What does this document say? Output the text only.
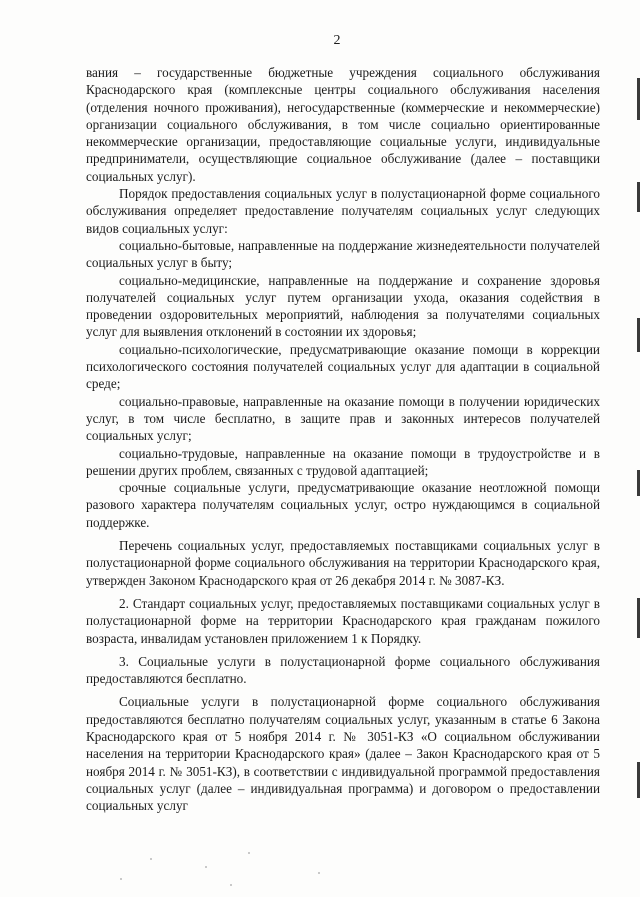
2

вания – государственные бюджетные учреждения социального обслуживания Краснодарского края (комплексные центры социального обслуживания населения (отделения ночного проживания), негосударственные (коммерческие и некоммерческие) организации социального обслуживания, в том числе социально ориентированные некоммерческие организации, предоставляющие социальные услуги, индивидуальные предприниматели, осуществляющие социальное обслуживание (далее – поставщики социальных услуг).

Порядок предоставления социальных услуг в полустационарной форме социального обслуживания определяет предоставление получателям социальных услуг следующих видов социальных услуг:

социально-бытовые, направленные на поддержание жизнедеятельности получателей социальных услуг в быту;

социально-медицинские, направленные на поддержание и сохранение здоровья получателей социальных услуг путем организации ухода, оказания содействия в проведении оздоровительных мероприятий, наблюдения за получателями социальных услуг для выявления отклонений в состоянии их здоровья;

социально-психологические, предусматривающие оказание помощи в коррекции психологического состояния получателей социальных услуг для адаптации в социальной среде;

социально-правовые, направленные на оказание помощи в получении юридических услуг, в том числе бесплатно, в защите прав и законных интересов получателей социальных услуг;

социально-трудовые, направленные на оказание помощи в трудоустройстве и в решении других проблем, связанных с трудовой адаптацией;

срочные социальные услуги, предусматривающие оказание неотложной помощи разового характера получателям социальных услуг, остро нуждающимся в социальной поддержке.

Перечень социальных услуг, предоставляемых поставщиками социальных услуг в полустационарной форме социального обслуживания на территории Краснодарского края, утвержден Законом Краснодарского края от 26 декабря 2014 г. № 3087-КЗ.

2. Стандарт социальных услуг, предоставляемых поставщиками социальных услуг в полустационарной форме на территории Краснодарского края гражданам пожилого возраста, инвалидам установлен приложением 1 к Порядку.

3. Социальные услуги в полустационарной форме социального обслуживания предоставляются бесплатно.

Социальные услуги в полустационарной форме социального обслуживания предоставляются бесплатно получателям социальных услуг, указанным в статье 6 Закона Краснодарского края от 5 ноября 2014 г. № 3051-КЗ «О социальном обслуживании населения на территории Краснодарского края» (далее – Закон Краснодарского края от 5 ноября 2014 г. № 3051-КЗ), в соответствии с индивидуальной программой предоставления социальных услуг (далее – индивидуальная программа) и договором о предоставлении социальных услуг
